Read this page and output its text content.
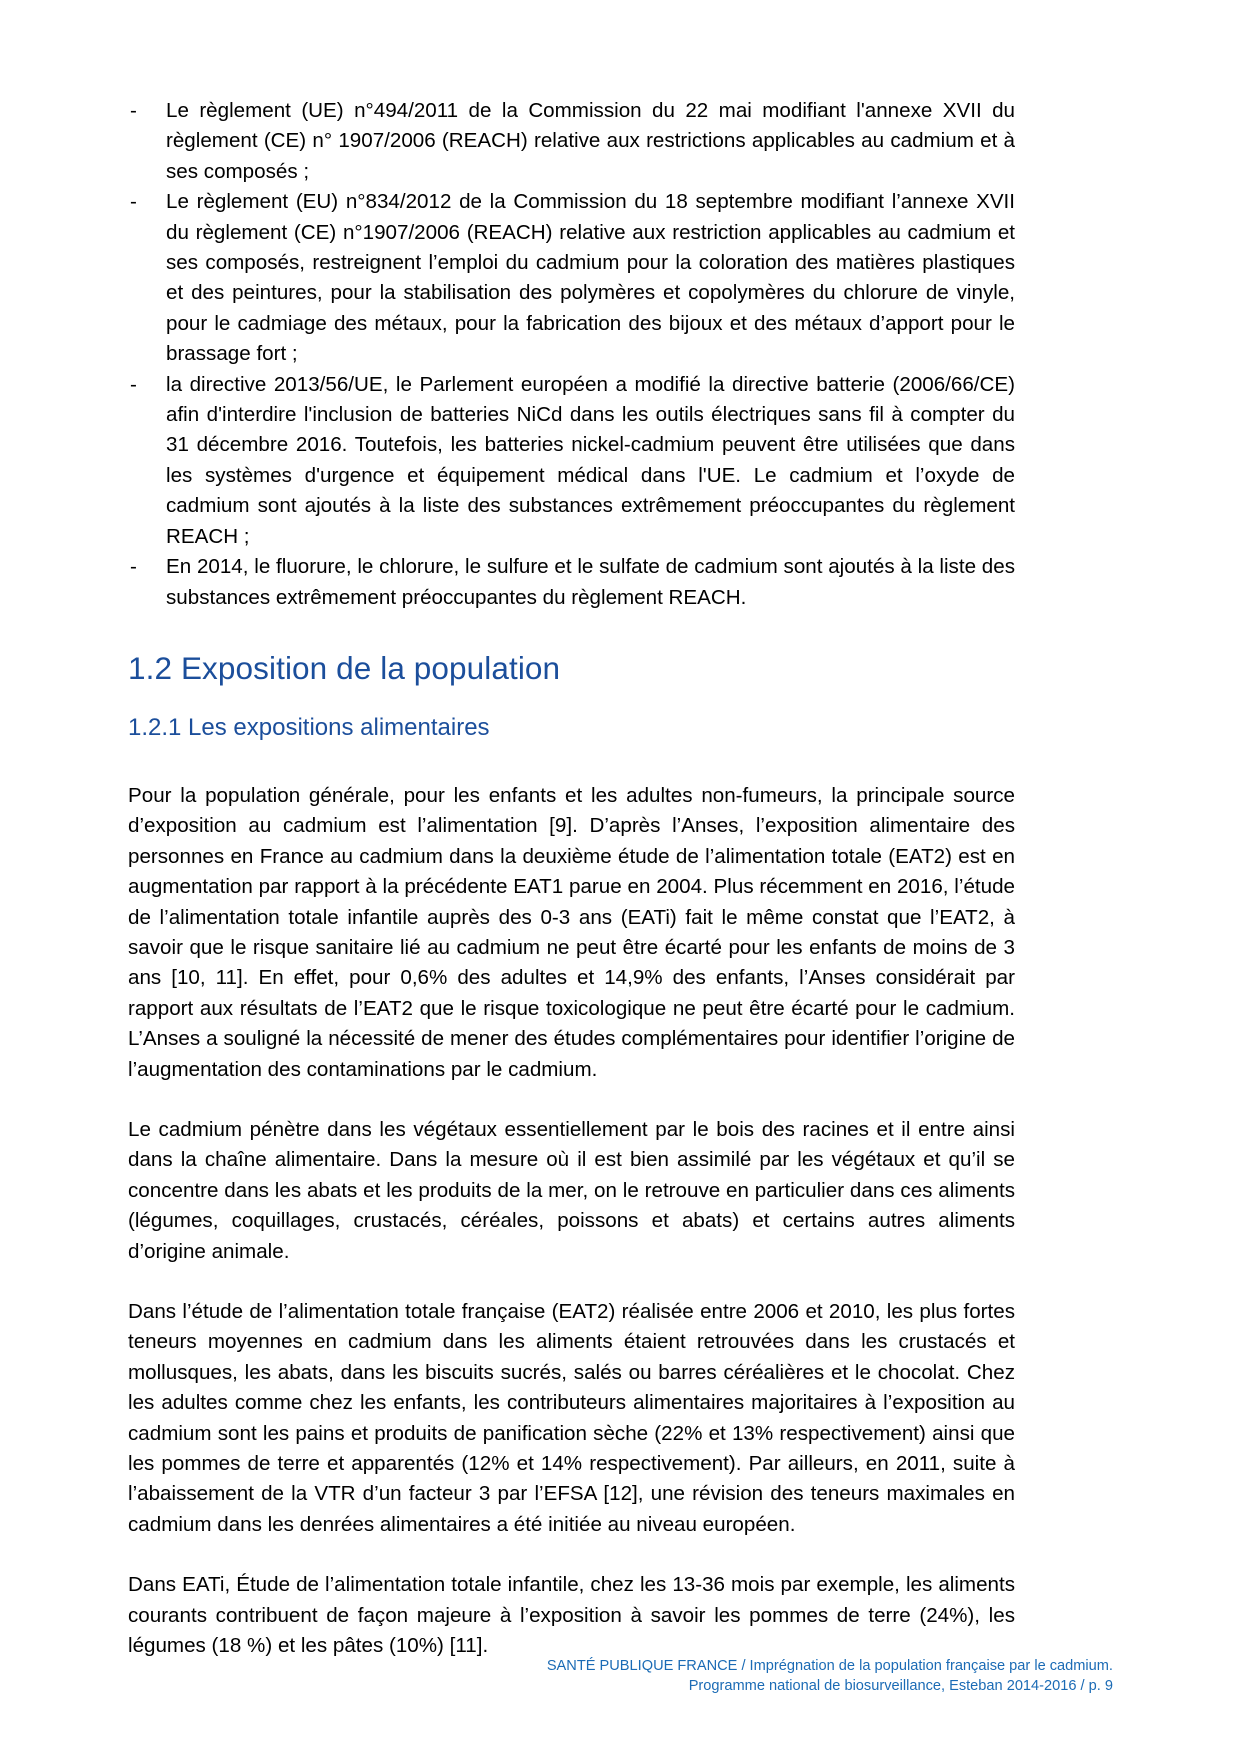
- Le règlement (UE) n°494/2011 de la Commission du 22 mai modifiant l'annexe XVII du règlement (CE) n° 1907/2006 (REACH) relative aux restrictions applicables au cadmium et à ses composés ;
- Le règlement (EU) n°834/2012 de la Commission du 18 septembre modifiant l’annexe XVII du règlement (CE) n°1907/2006 (REACH) relative aux restriction applicables au cadmium et ses composés, restreignent l’emploi du cadmium pour la coloration des matières plastiques et des peintures, pour la stabilisation des polymères et copolymères du chlorure de vinyle, pour le cadmiage des métaux, pour la fabrication des bijoux et des métaux d’apport pour le brassage fort ;
- la directive 2013/56/UE, le Parlement européen a modifié la directive batterie (2006/66/CE) afin d'interdire l'inclusion de batteries NiCd dans les outils électriques sans fil à compter du 31 décembre 2016. Toutefois, les batteries nickel-cadmium peuvent être utilisées que dans les systèmes d'urgence et équipement médical dans l'UE. Le cadmium et l’oxyde de cadmium sont ajoutés à la liste des substances extrêmement préoccupantes du règlement REACH ;
- En 2014, le fluorure, le chlorure, le sulfure et le sulfate de cadmium sont ajoutés à la liste des substances extrêmement préoccupantes du règlement REACH.
1.2 Exposition de la population
1.2.1 Les expositions alimentaires

Pour la population générale, pour les enfants et les adultes non-fumeurs, la principale source d’exposition au cadmium est l’alimentation [9]. D’après l’Anses, l’exposition alimentaire des personnes en France au cadmium dans la deuxième étude de l’alimentation totale (EAT2) est en augmentation par rapport à la précédente EAT1 parue en 2004. Plus récemment en 2016, l’étude de l’alimentation totale infantile auprès des 0-3 ans (EATi) fait le même constat que l’EAT2, à savoir que le risque sanitaire lié au cadmium ne peut être écarté pour les enfants de moins de 3 ans [10, 11]. En effet, pour 0,6% des adultes et 14,9% des enfants, l’Anses considérait par rapport aux résultats de l’EAT2 que le risque toxicologique ne peut être écarté pour le cadmium. L’Anses a souligné la nécessité de mener des études complémentaires pour identifier l’origine de l’augmentation des contaminations par le cadmium.

Le cadmium pénètre dans les végétaux essentiellement par le bois des racines et il entre ainsi dans la chaîne alimentaire. Dans la mesure où il est bien assimilé par les végétaux et qu’il se concentre dans les abats et les produits de la mer, on le retrouve en particulier dans ces aliments (légumes, coquillages, crustacés, céréales, poissons et abats) et certains autres aliments d’origine animale.

Dans l’étude de l’alimentation totale française (EAT2) réalisée entre 2006 et 2010, les plus fortes teneurs moyennes en cadmium dans les aliments étaient retrouvées dans les crustacés et mollusques, les abats, dans les biscuits sucrés, salés ou barres céréalières et le chocolat. Chez les adultes comme chez les enfants, les contributeurs alimentaires majoritaires à l’exposition au cadmium sont les pains et produits de panification sèche (22% et 13% respectivement) ainsi que les pommes de terre et apparentés (12% et 14% respectivement). Par ailleurs, en 2011, suite à l’abaissement de la VTR d’un facteur 3 par l’EFSA [12], une révision des teneurs maximales en cadmium dans les denrées alimentaires a été initiée au niveau européen.

Dans EATi, Étude de l’alimentation totale infantile, chez les 13-36 mois par exemple, les aliments courants contribuent de façon majeure à l’exposition à savoir les pommes de terre (24%), les légumes (18 %) et les pâtes (10%) [11].

SANTÉ PUBLIQUE FRANCE / Imprégnation de la population française par le cadmium.
Programme national de biosurveillance, Esteban 2014-2016 / p. 9
